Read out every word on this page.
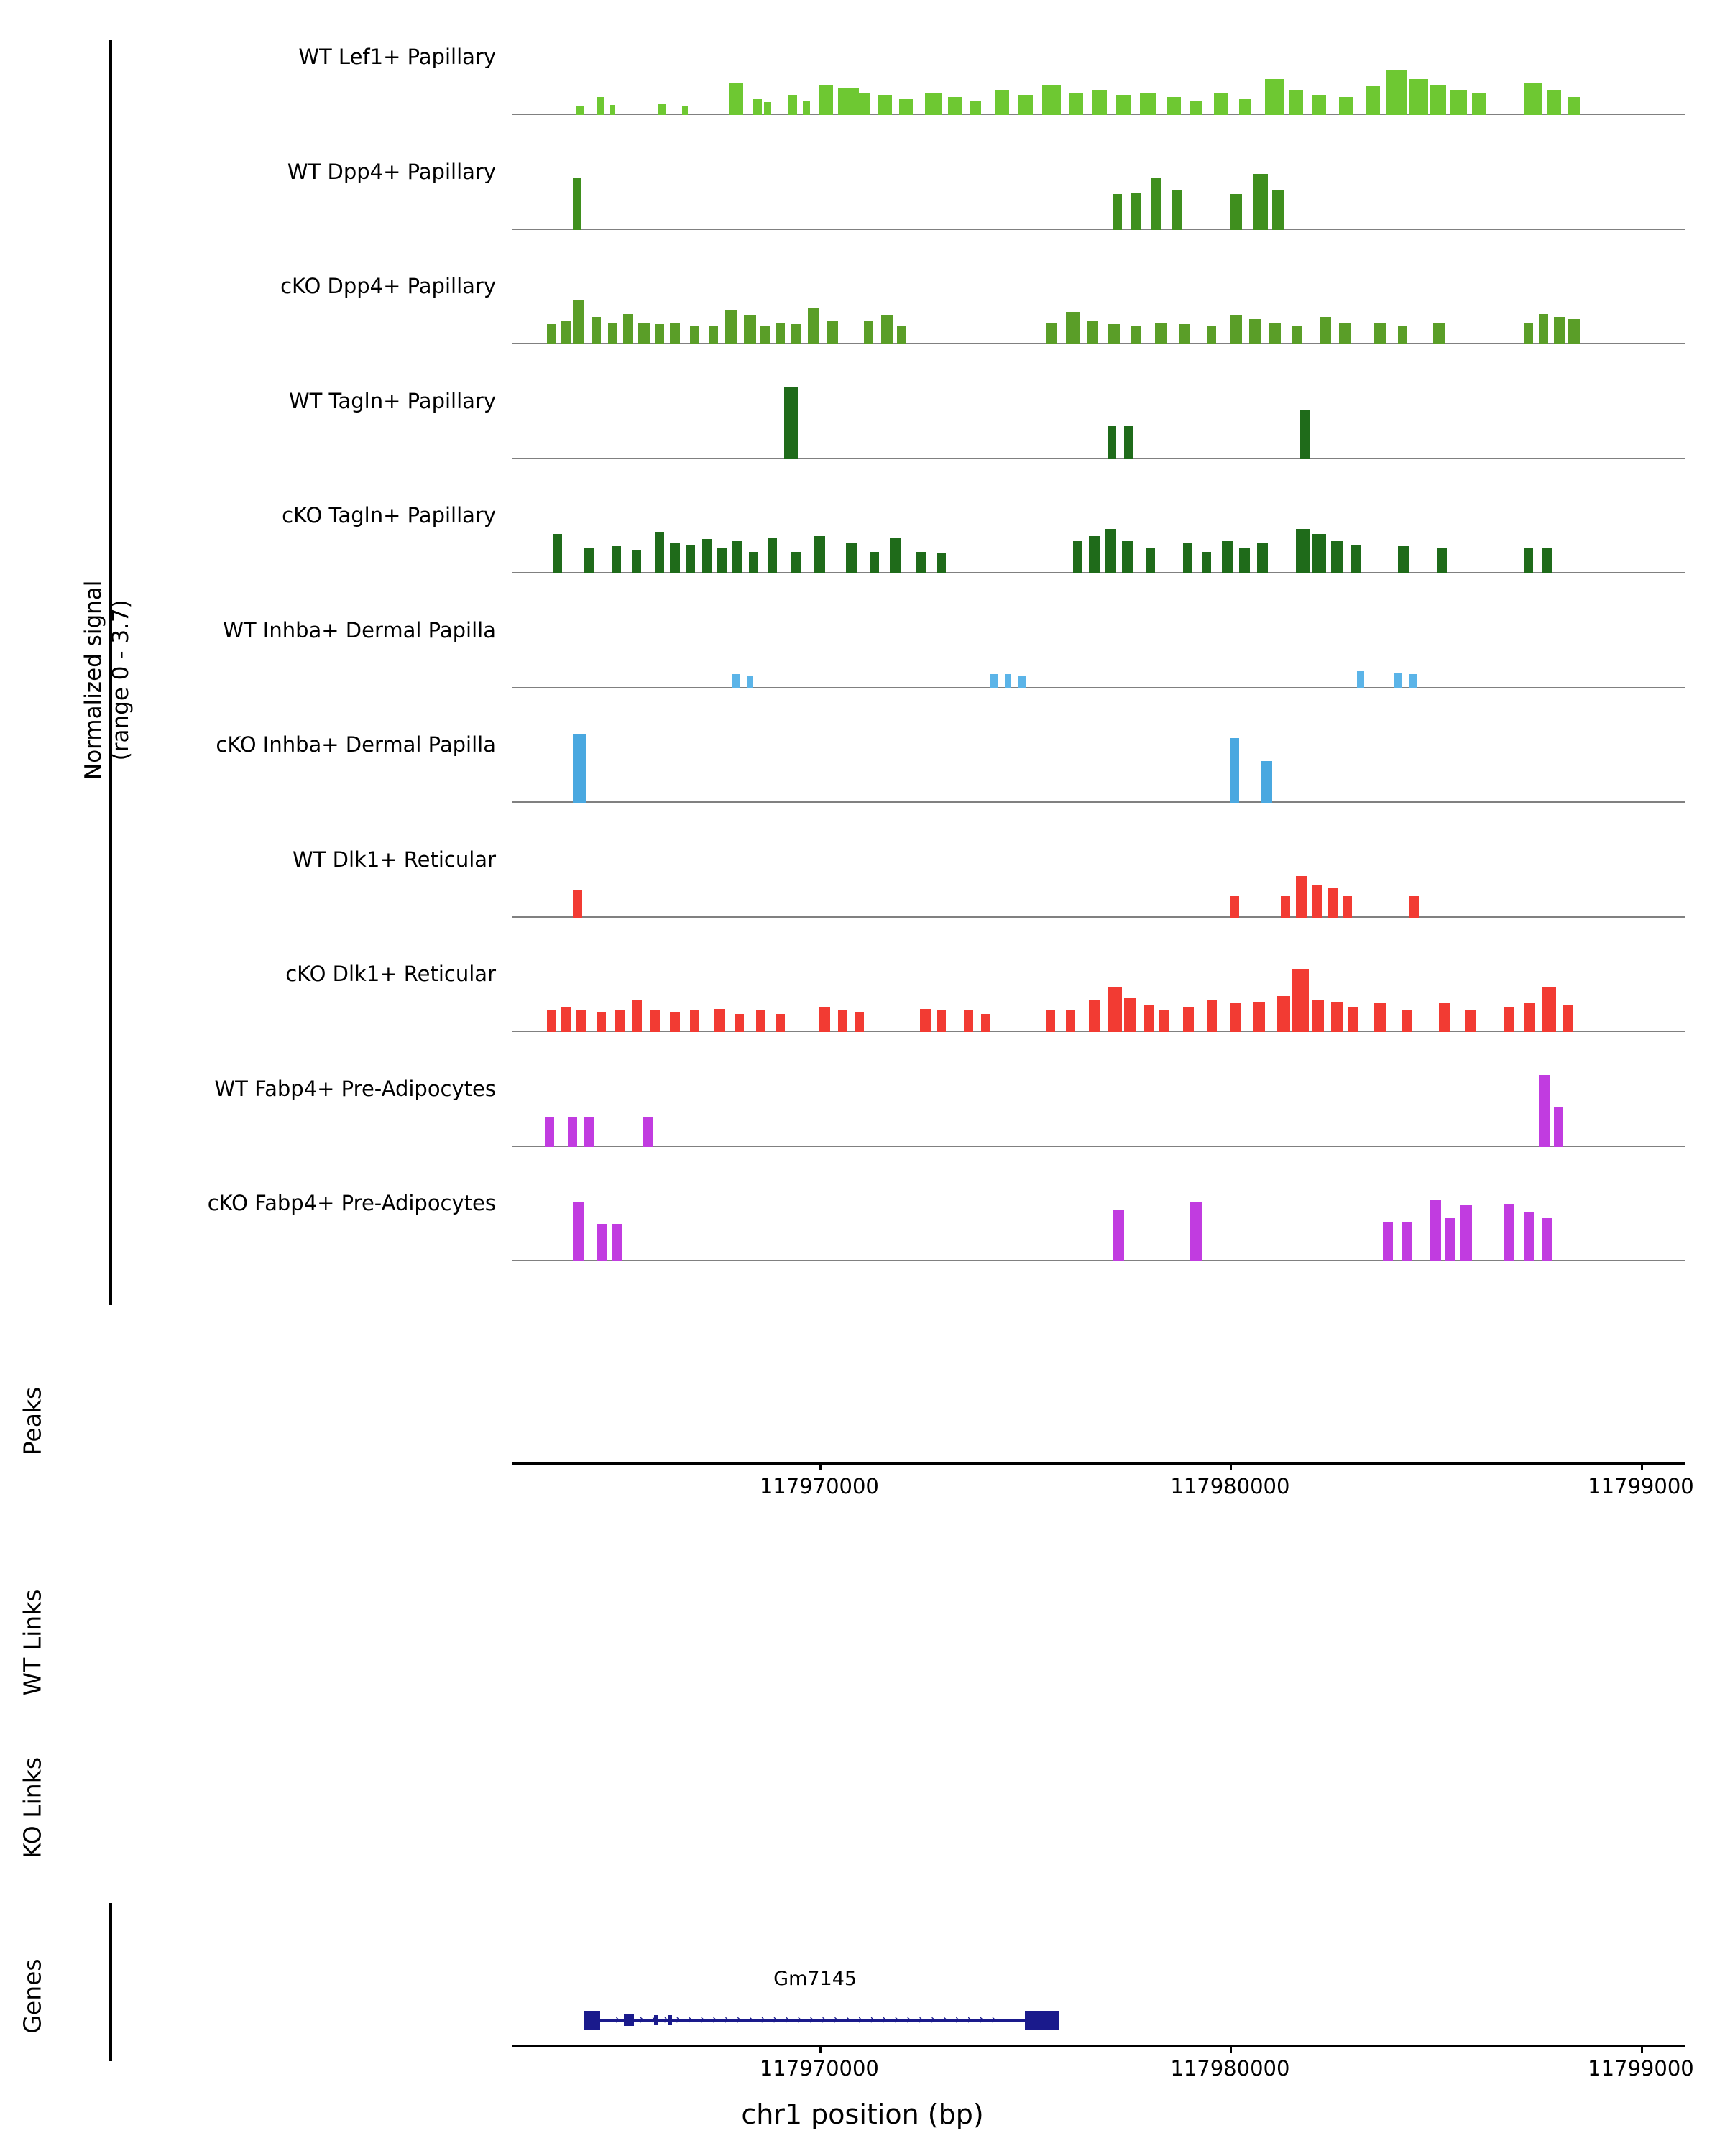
Normalized signal
(range 0 - 3.7)

Peaks

WT Links

KO Links

Genes

WT Lef1+ Papillary
WT Dpp4+ Papillary
cKO Dpp4+ Papillary
WT Tagln+ Papillary
cKO Tagln+ Papillary
WT Inhba+ Dermal Papilla
cKO Inhba+ Dermal Papilla
WT Dlk1+ Reticular
cKO Dlk1+ Reticular
WT Fabp4+ Pre-Adipocytes
cKO Fabp4+ Pre-Adipocytes
117970000	117980000	11799000
Gm7145
› › › › › › › › › › › › › › › › › › › › › › › › › › › › › › › ›
117970000	117980000	11799000
chr1 position (bp)
